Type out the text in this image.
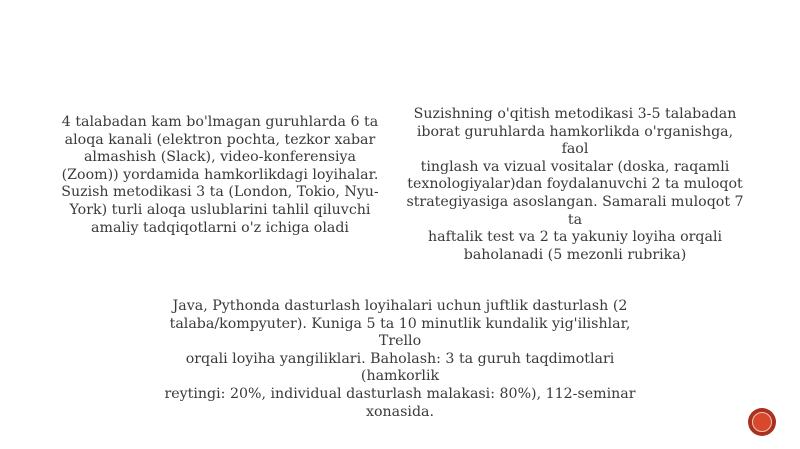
4 talabadan kam bo'lmagan guruhlarda 6 ta
aloqa kanali (elektron pochta, tezkor xabar
almashish (Slack), video-konferensiya
(Zoom)) yordamida hamkorlikdagi loyihalar.
Suzish metodikasi 3 ta (London, Tokio, Nyu-
York) turli aloqa uslublarini tahlil qiluvchi
amaliy tadqiqotlarni o'z ichiga oladi

Suzishning o'qitish metodikasi 3-5 talabadan
iborat guruhlarda hamkorlikda o'rganishga, faol
tinglash va vizual vositalar (doska, raqamli
texnologiyalar)dan foydalanuvchi 2 ta muloqot
strategiyasiga asoslangan. Samarali muloqot 7 ta
haftalik test va 2 ta yakuniy loyiha orqali
baholanadi (5 mezonli rubrika)

Java, Pythonda dasturlash loyihalari uchun juftlik dasturlash (2
talaba/kompyuter). Kuniga 5 ta 10 minutlik kundalik yig'ilishlar, Trello
orqali loyiha yangiliklari. Baholash: 3 ta guruh taqdimotlari (hamkorlik
reytingi: 20%, individual dasturlash malakasi: 80%), 112-seminar
xonasida.
